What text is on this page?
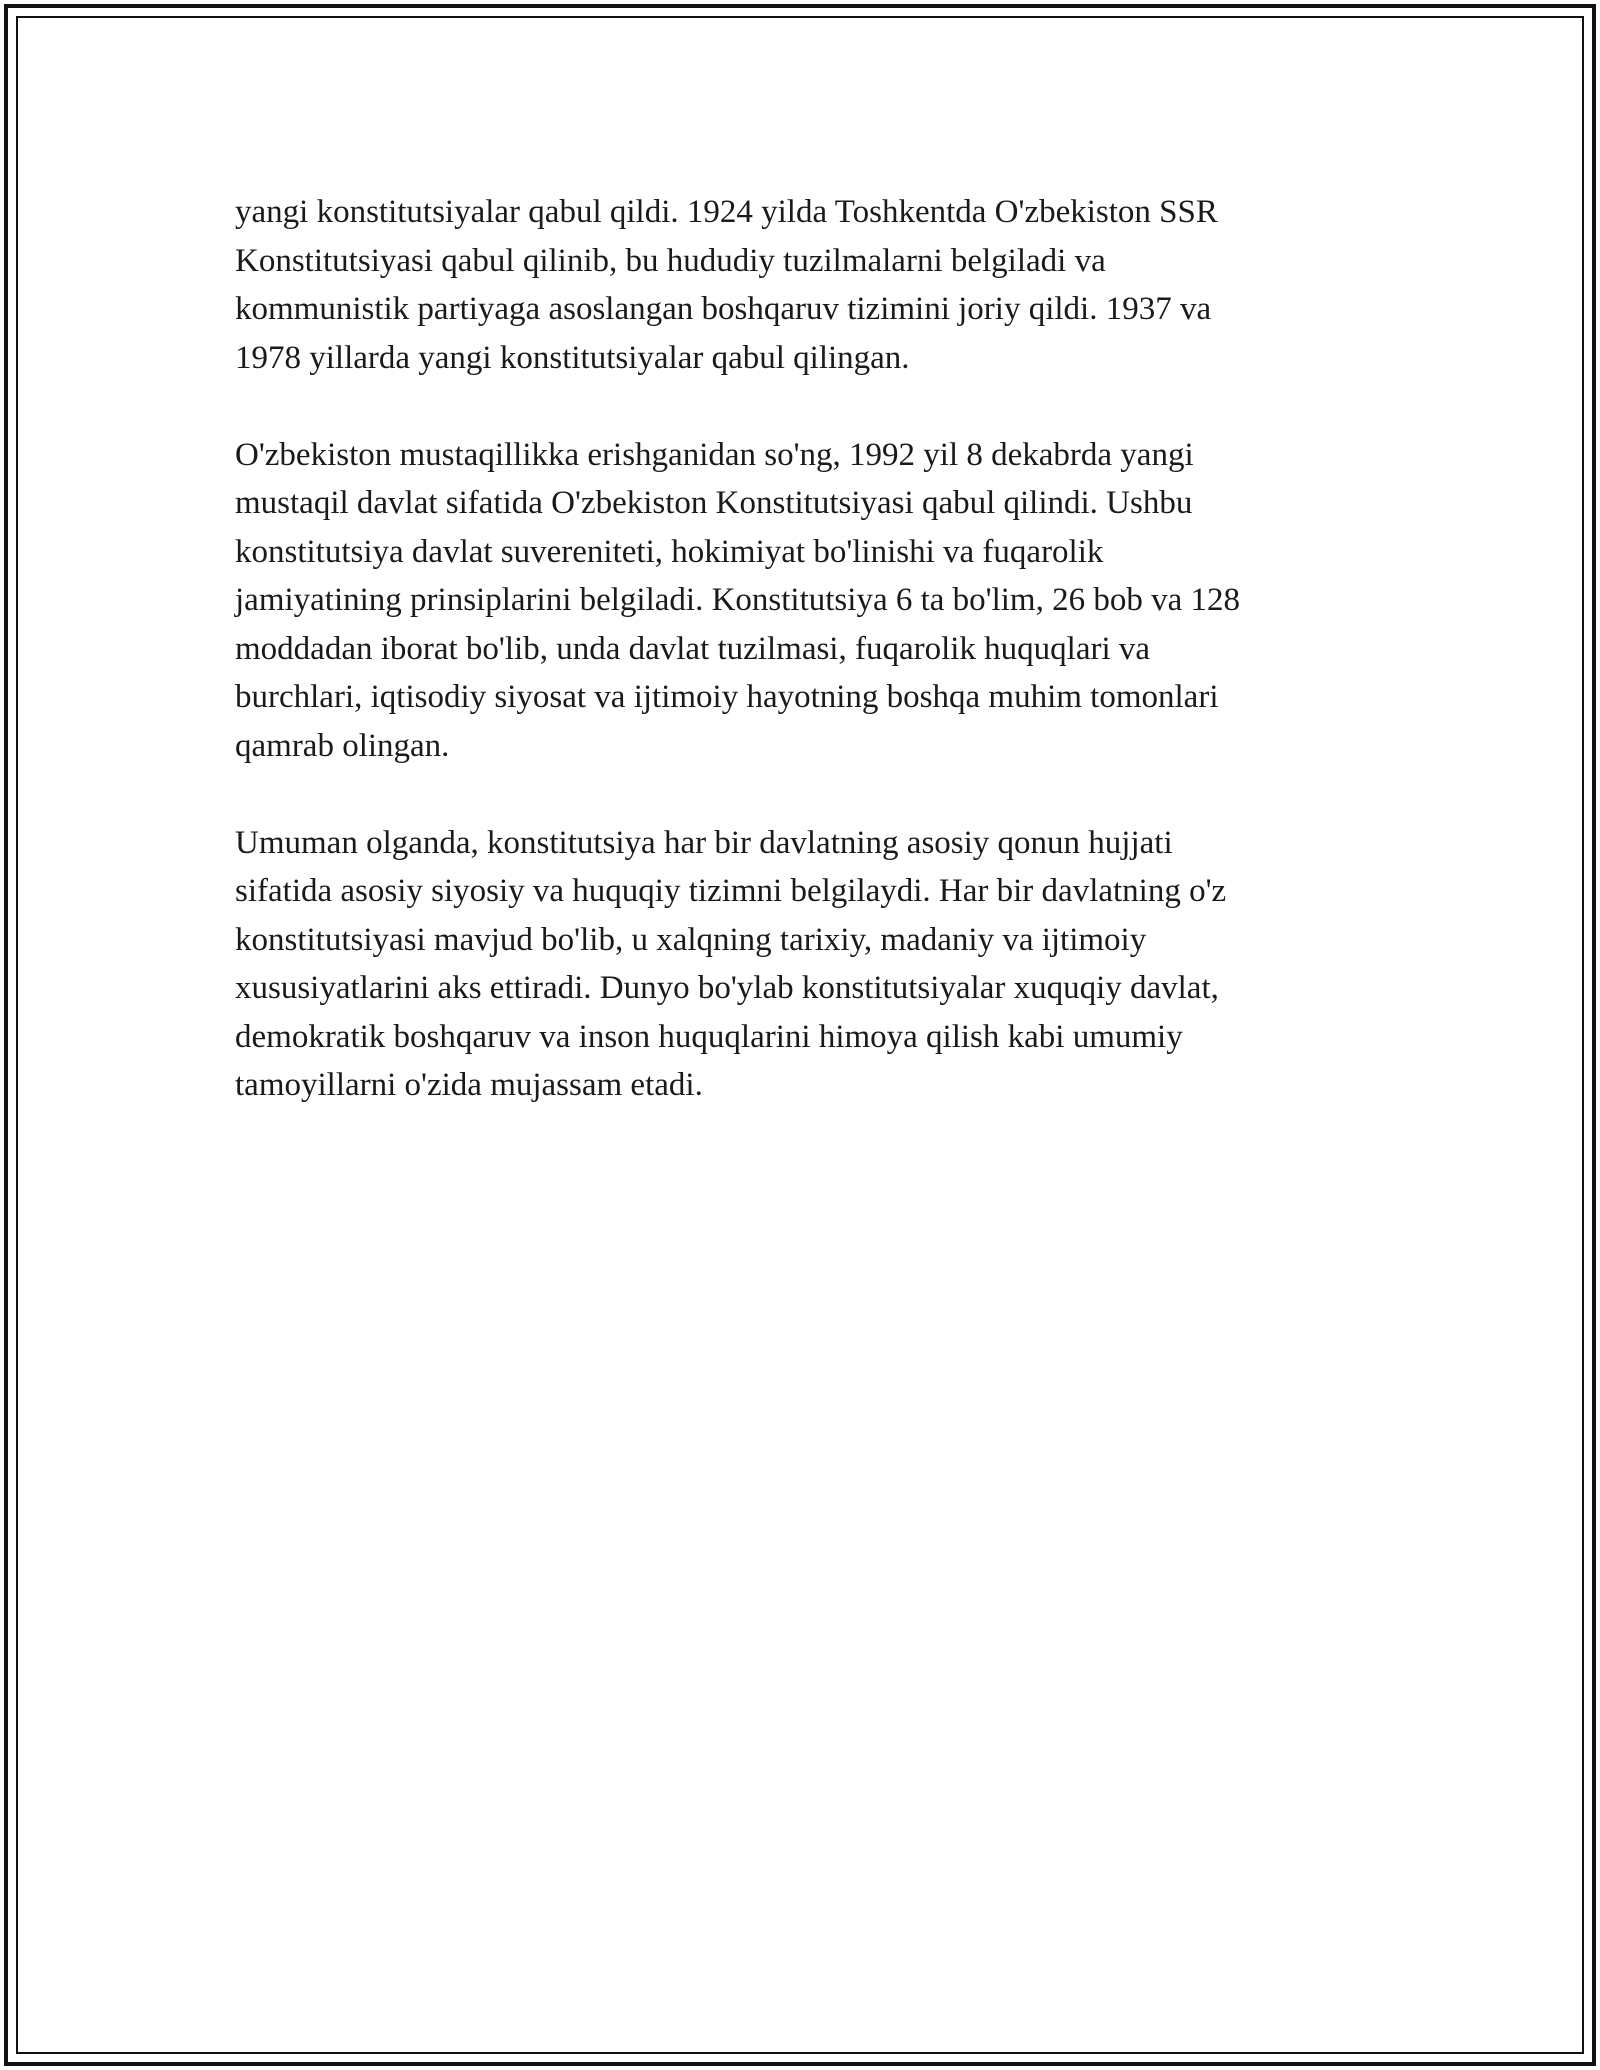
yangi konstitutsiyalar qabul qildi. 1924 yilda Toshkentda O'zbekiston SSR
Konstitutsiyasi qabul qilinib, bu hududiy tuzilmalarni belgiladi va
kommunistik partiyaga asoslangan boshqaruv tizimini joriy qildi. 1937 va
1978 yillarda yangi konstitutsiyalar qabul qilingan.

O'zbekiston mustaqillikka erishganidan so'ng, 1992 yil 8 dekabrda yangi
mustaqil davlat sifatida O'zbekiston Konstitutsiyasi qabul qilindi. Ushbu
konstitutsiya davlat suvereniteti, hokimiyat bo'linishi va fuqarolik
jamiyatining prinsiplarini belgiladi. Konstitutsiya 6 ta bo'lim, 26 bob va 128
moddadan iborat bo'lib, unda davlat tuzilmasi, fuqarolik huquqlari va
burchlari, iqtisodiy siyosat va ijtimoiy hayotning boshqa muhim tomonlari
qamrab olingan.

Umuman olganda, konstitutsiya har bir davlatning asosiy qonun hujjati
sifatida asosiy siyosiy va huquqiy tizimni belgilaydi. Har bir davlatning o'z
konstitutsiyasi mavjud bo'lib, u xalqning tarixiy, madaniy va ijtimoiy
xususiyatlarini aks ettiradi. Dunyo bo'ylab konstitutsiyalar xuquqiy davlat,
demokratik boshqaruv va inson huquqlarini himoya qilish kabi umumiy
tamoyillarni o'zida mujassam etadi.
